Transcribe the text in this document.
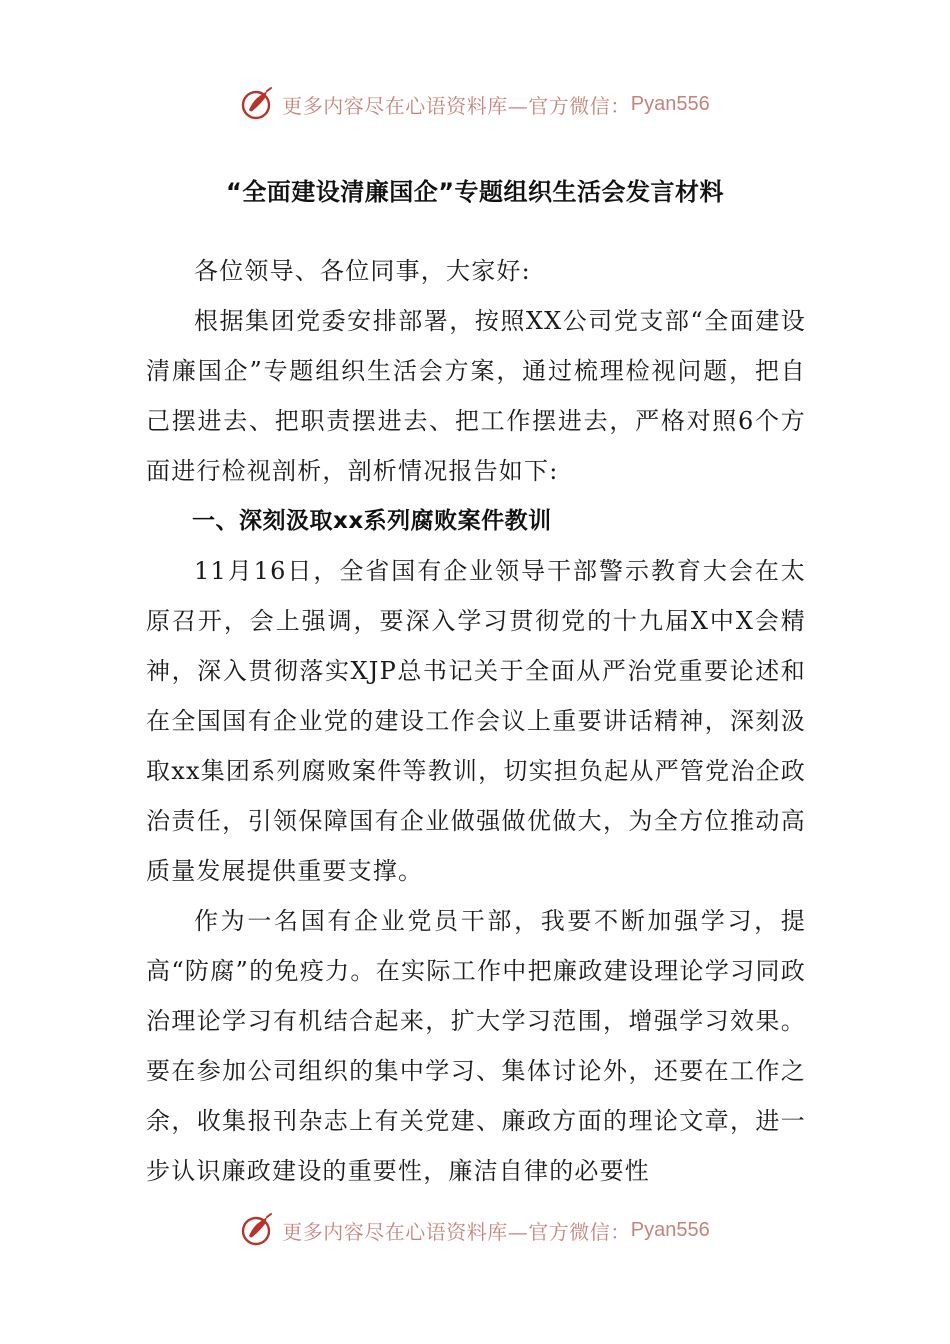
更多内容尽在心语资料库—官方微信： Pyan556
“全面建设清廉国企”专题组织生活会发言材料

各位领导、各位同事，大家好:

根据集团党委安排部署，按照XX公司党支部“全面建设清廉国企”专题组织生活会方案，通过梳理检视问题，把自己摆进去、把职责摆进去、把工作摆进去，严格对照6个方面进行检视剖析，剖析情况报告如下:

一、深刻汲取xx系列腐败案件教训

11月16日，全省国有企业领导干部警示教育大会在太原召开，会上强调，要深入学习贯彻党的十九届X中X会精神，深入贯彻落实XJP总书记关于全面从严治党重要论述和在全国国有企业党的建设工作会议上重要讲话精神，深刻汲取xx集团系列腐败案件等教训，切实担负起从严管党治企政治责任，引领保障国有企业做强做优做大，为全方位推动高质量发展提供重要支撑。

作为一名国有企业党员干部，我要不断加强学习，提高“防腐”的免疫力。在实际工作中把廉政建设理论学习同政治理论学习有机结合起来，扩大学习范围，增强学习效果。要在参加公司组织的集中学习、集体讨论外，还要在工作之余，收集报刊杂志上有关党建、廉政方面的理论文章，进一步认识廉政建设的重要性，廉洁自律的必要性

更多内容尽在心语资料库—官方微信： Pyan556
